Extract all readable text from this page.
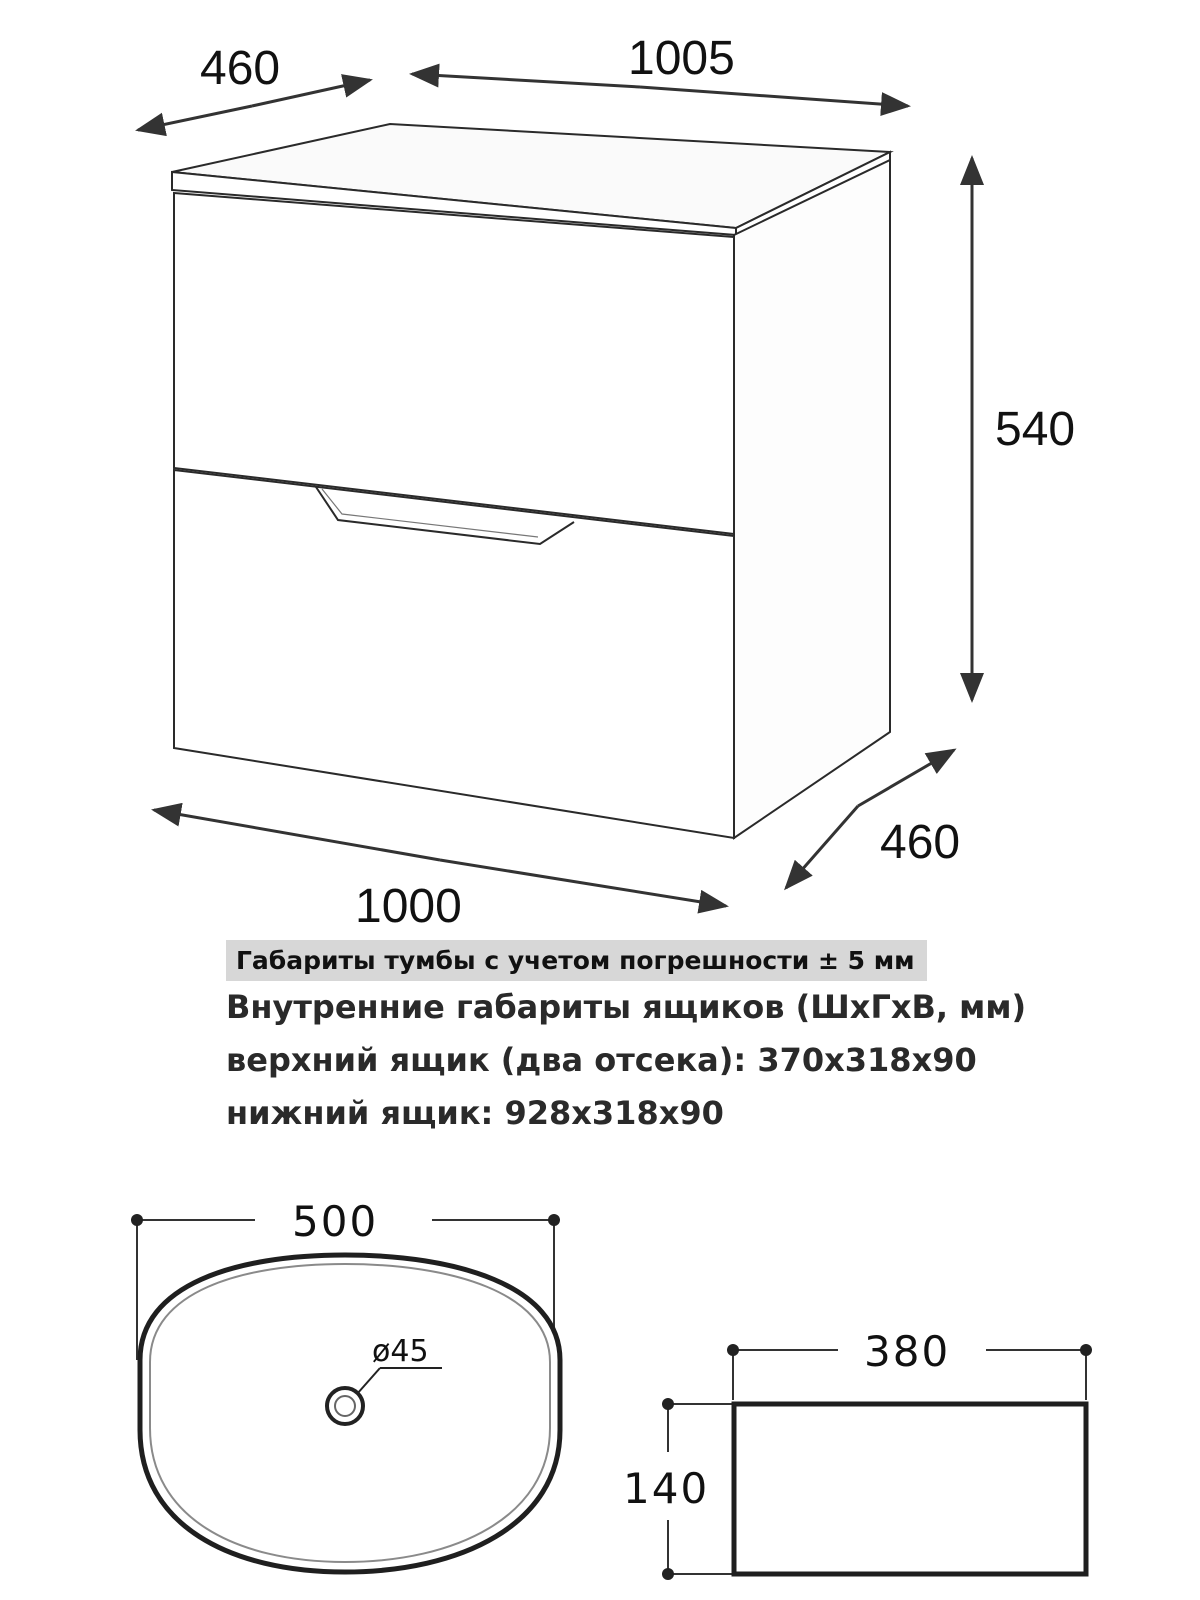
460	1005
540
460
1000
500
ø45	380
140
Габариты тумбы с учетом погрешности ± 5 мм
Внутренние габариты ящиков (ШхГхВ, мм)
верхний ящик (два отсека): 370х318х90
нижний ящик: 928х318х90
